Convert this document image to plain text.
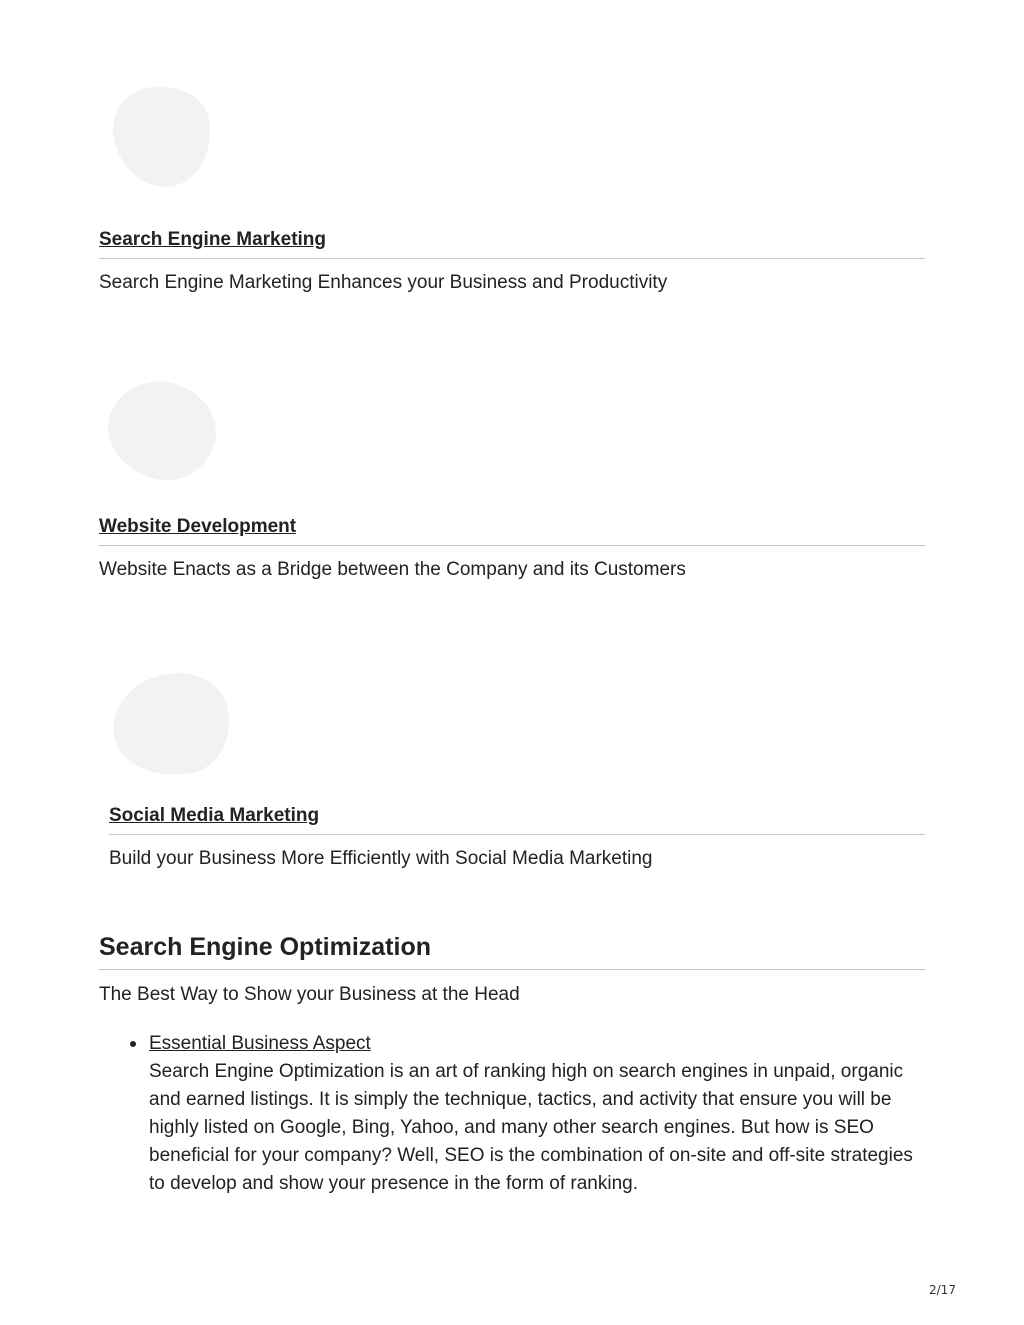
Search Engine Marketing

Search Engine Marketing Enhances your Business and Productivity

Website Development

Website Enacts as a Bridge between the Company and its Customers

Social Media Marketing

Build your Business More Efficiently with Social Media Marketing

Search Engine Optimization

The Best Way to Show your Business at the Head

Essential Business Aspect
Search Engine Optimization is an art of ranking high on search engines in unpaid, organic and earned listings. It is simply the technique, tactics, and activity that ensure you will be highly listed on Google, Bing, Yahoo, and many other search engines. But how is SEO beneficial for your company? Well, SEO is the combination of on-site and off-site strategies to develop and show your presence in the form of ranking.
2/17
